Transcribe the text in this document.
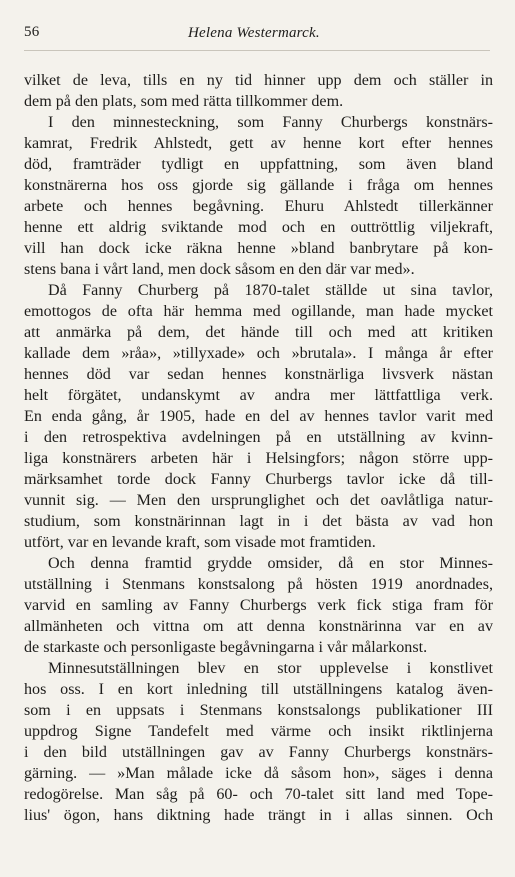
56	Helena Westermarck.
vilket de leva, tills en ny tid hinner upp dem och ställer in
dem på den plats, som med rätta tillkommer dem.
I den minnesteckning, som Fanny Churbergs konstnärs-
kamrat, Fredrik Ahlstedt, gett av henne kort efter hennes
död, framträder tydligt en uppfattning, som även bland
konstnärerna hos oss gjorde sig gällande i fråga om hennes
arbete och hennes begåvning. Ehuru Ahlstedt tillerkänner
henne ett aldrig sviktande mod och en outtröttlig viljekraft,
vill han dock icke räkna henne »bland banbrytare på kon-
stens bana i vårt land, men dock såsom en den där var med».
Då Fanny Churberg på 1870-talet ställde ut sina tavlor,
emottogos de ofta här hemma med ogillande, man hade mycket
att anmärka på dem, det hände till och med att kritiken
kallade dem »råa», »tillyxade» och »brutala». I många år efter
hennes död var sedan hennes konstnärliga livsverk nästan
helt förgätet, undanskymt av andra mer lättfattliga verk.
En enda gång, år 1905, hade en del av hennes tavlor varit med
i den retrospektiva avdelningen på en utställning av kvinn-
liga konstnärers arbeten här i Helsingfors; någon större upp-
märksamhet torde dock Fanny Churbergs tavlor icke då till-
vunnit sig. — Men den ursprunglighet och det oavlåtliga natur-
studium, som konstnärinnan lagt in i det bästa av vad hon
utfört, var en levande kraft, som visade mot framtiden.
Och denna framtid grydde omsider, då en stor Minnes-
utställning i Stenmans konstsalong på hösten 1919 anordnades,
varvid en samling av Fanny Churbergs verk fick stiga fram för
allmänheten och vittna om att denna konstnärinna var en av
de starkaste och personligaste begåvningarna i vår målarkonst.
Minnesutställningen blev en stor upplevelse i konstlivet
hos oss. I en kort inledning till utställningens katalog även-
som i en uppsats i Stenmans konstsalongs publikationer III
uppdrog Signe Tandefelt med värme och insikt riktlinjerna
i den bild utställningen gav av Fanny Churbergs konstnärs-
gärning. — »Man målade icke då såsom hon», säges i denna
redogörelse. Man såg på 60- och 70-talet sitt land med Tope-
lius' ögon, hans diktning hade trängt in i allas sinnen. Och
